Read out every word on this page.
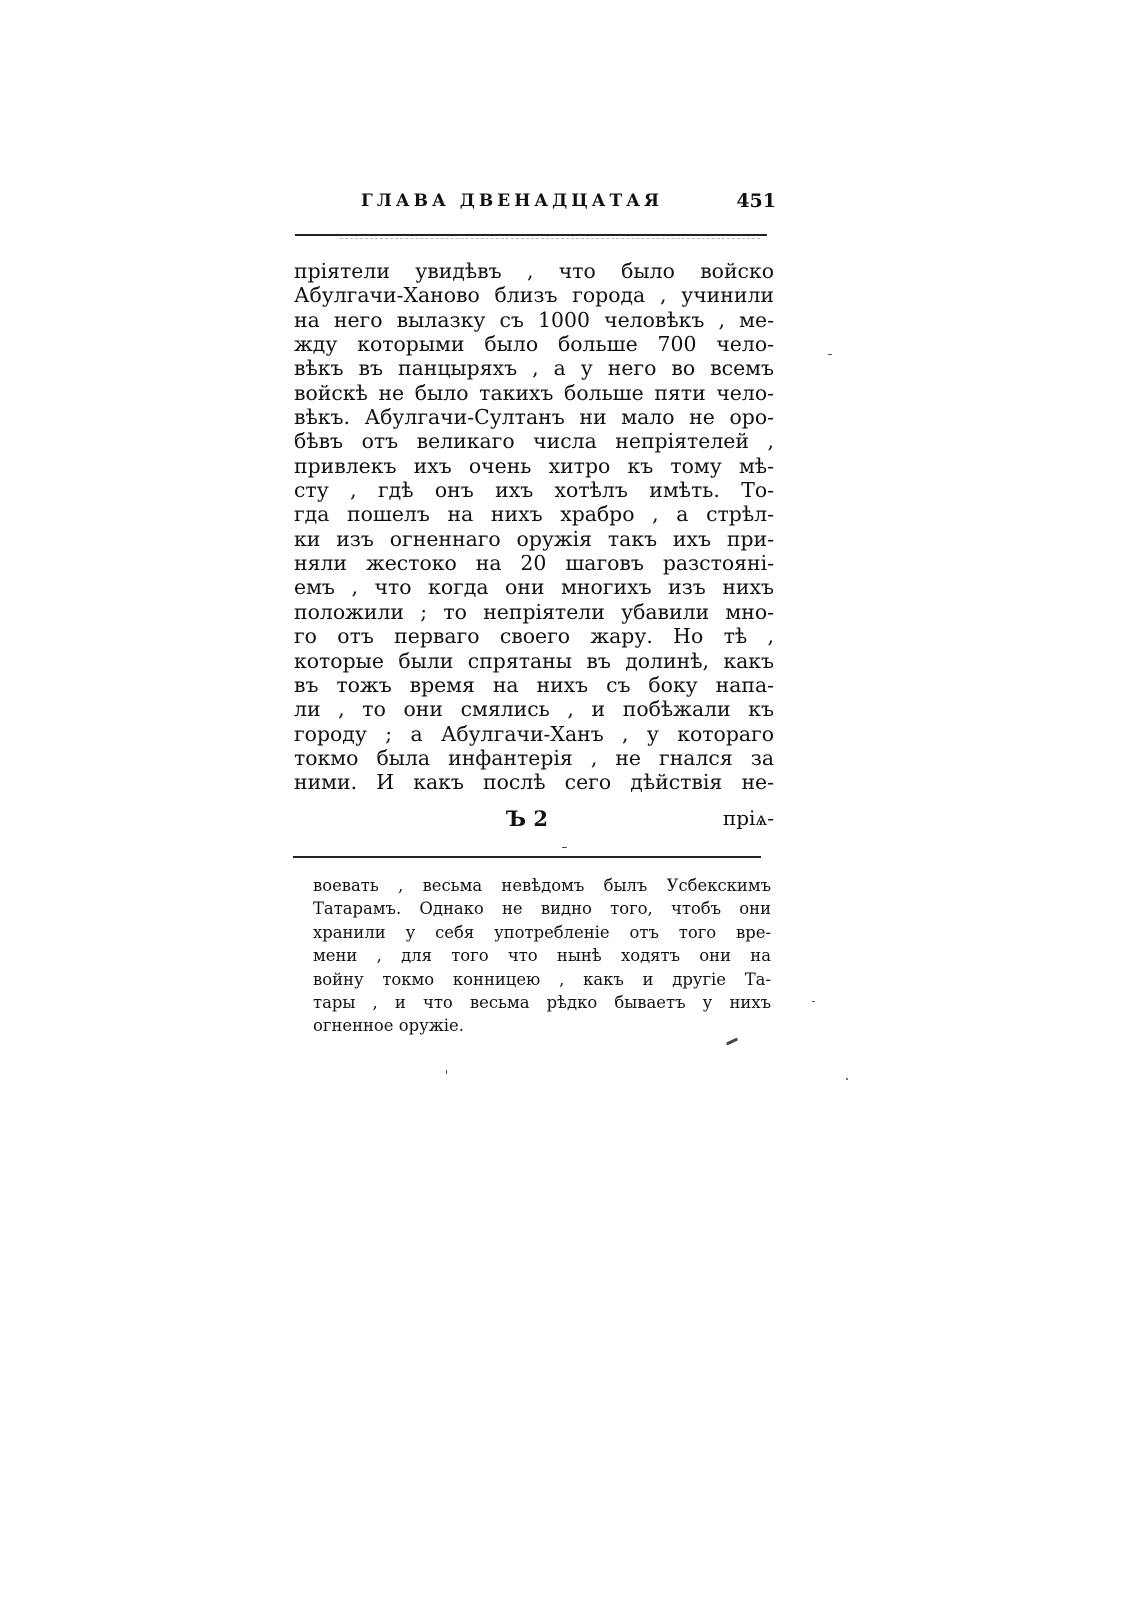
ГЛАВА ДВЕНАДЦАТАЯ	451
пріятели увидѣвъ , что было войско
Абулгачи-Ханово близъ города , учинили
на него вылазку съ 1000 человѣкъ , ме-
жду которыми было больше 700 чело-
вѣкъ въ панцыряхъ , а у него во всемъ
войскѣ не было такихъ больше пяти чело-
вѣкъ. Абулгачи-Султанъ ни мало не оро-
бѣвъ отъ великаго числа непріятелей ,
привлекъ ихъ очень хитро къ тому мѣ-
сту , гдѣ онъ ихъ хотѣлъ имѣть. То-
гда пошелъ на нихъ храбро , а стрѣл-
ки изъ огненнаго оружія такъ ихъ при-
няли жестоко на 20 шаговъ разстояні-
емъ , что когда они многихъ изъ нихъ
положили ; то непріятели убавили мно-
го отъ перваго своего жару. Но тѣ ,
которые были спрятаны въ долинѣ, какъ
въ тожъ время на нихъ съ боку напа-
ли , то они смялись , и побѣжали къ
городу ; а Абулгачи-Ханъ , у котораго
токмо была инфантерія , не гнался за
ними. И какъ послѣ сего дѣйствія не-
Ъ 2	пріѧ-
воевать , весьма невѣдомъ былъ Усбекскимъ
Татарамъ. Однако не видно того, чтобъ они
хранили у себя употребленіе отъ того вре-
мени , для того что нынѣ ходятъ они на
войну токмо конницею , какъ и другіе Та-
тары , и что весьма рѣдко бываетъ у нихъ
огненное оружіе.
